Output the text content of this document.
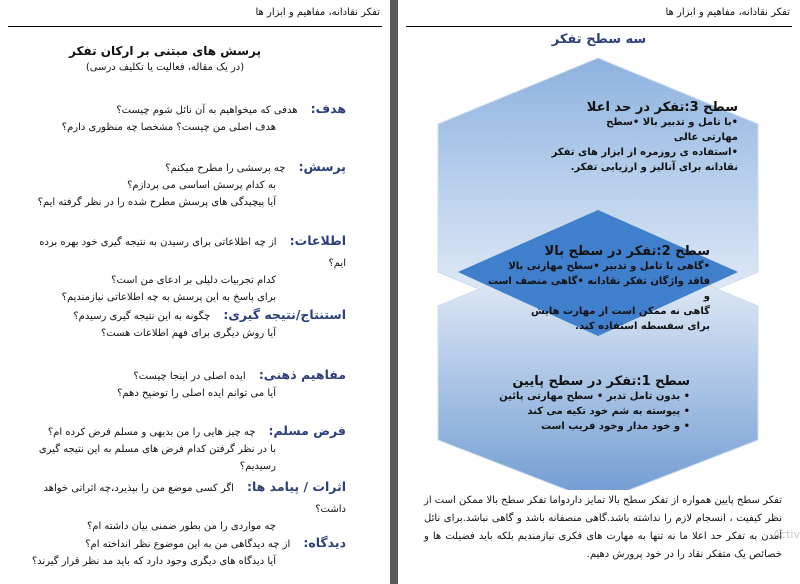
تفکر نقادانه، مفاهیم و ابزار ها
پرسش های مبتنی بر ارکان تفکر
(در یک مقاله، فعالیت یا تکلیف درسی)
هدف: هدفی که میخواهیم به آن نائل شوم چیست؟
هدف اصلی من چیست؟ مشخصا چه منظوری دارم؟
پرسش: چه پرسشی را مطرح میکنم؟
به کدام پرسش اساسی می پردازم؟
آیا پیچیدگی های پرسش مطرح شده را در نظر گرفته ایم؟
اطلاعات: از چه اطلاعاتی برای رسیدن به نتیجه گیری خود بهره برده ایم؟
کدام تجربیات دلیلی بر ادعای من است؟
برای پاسخ به این پرسش به چه اطلاعاتی نیازمندیم؟
استنتاج/نتیجه گیری: چگونه به این نتیجه گیری رسیدم؟
آیا روش دیگری برای فهم اطلاعات هست؟
مفاهیم ذهنی: ایده اصلی در اینجا چیست؟
آیا می توانم ایده اصلی را توضیح دهم؟
فرض مسلم: چه چیز هایی را من بدیهی و مسلم فرض کرده ام؟
با در نظر گرفتن کدام فرض های مسلم به این نتیجه گیری رسیدیم؟
اثرات / پیامد ها: اگر کسی موضع من را بپذیرد،چه اثراتی خواهد داشت؟
چه مواردی را من بطور ضمنی بیان داشته ام؟
دیدگاه: از چه دیدگاهی من به این موضوع نظر انداخته ام؟
آیا دیدگاه های دیگری وجود دارد که باید مد نظر قرار گیرند؟
تفکر نقادانه، مفاهیم و ابزار ها
سه سطح تفکر
سطح 3:تفکر در حد اعلا
•با تامل و تدبیر بالا •سطح
مهارتی عالی
•استفاده ی روزمره از ابزار های تفکر
نقادانه برای آنالیز و ارزیابی تفکر.
سطح 2:تفکر در سطح بالا
•گاهی با تامل و تدبیر •سطح مهارتی بالا
فاقد واژگان تفکر نقادانه •گاهی منصف است و
گاهی نه ممکن است از مهارت هایش
برای سفسطه استفاده کند.
سطح 1:تفکر در سطح پایین
• بدون تامل تدبر • سطح مهارتی پائین
• پیوسته به شم خود تکیه می کند
• و خود مدار وخود فریب است
تفکر سطح پایین همواره از تفکر سطح بالا تمایز داردواما تفکر سطح بالا ممکن است از نظر کیفیت ، انسجام لازم را نداشته باشد.گاهی منصفانه باشد و گاهی نباشد.برای نائل آمدن به تفکر حد اعلا ما نه تنها به مهارت های فکری نیازمندیم بلکه باید فضیلت ها و خصائص یک متفکر نقاد را در خود پرورش دهیم.
Activ
